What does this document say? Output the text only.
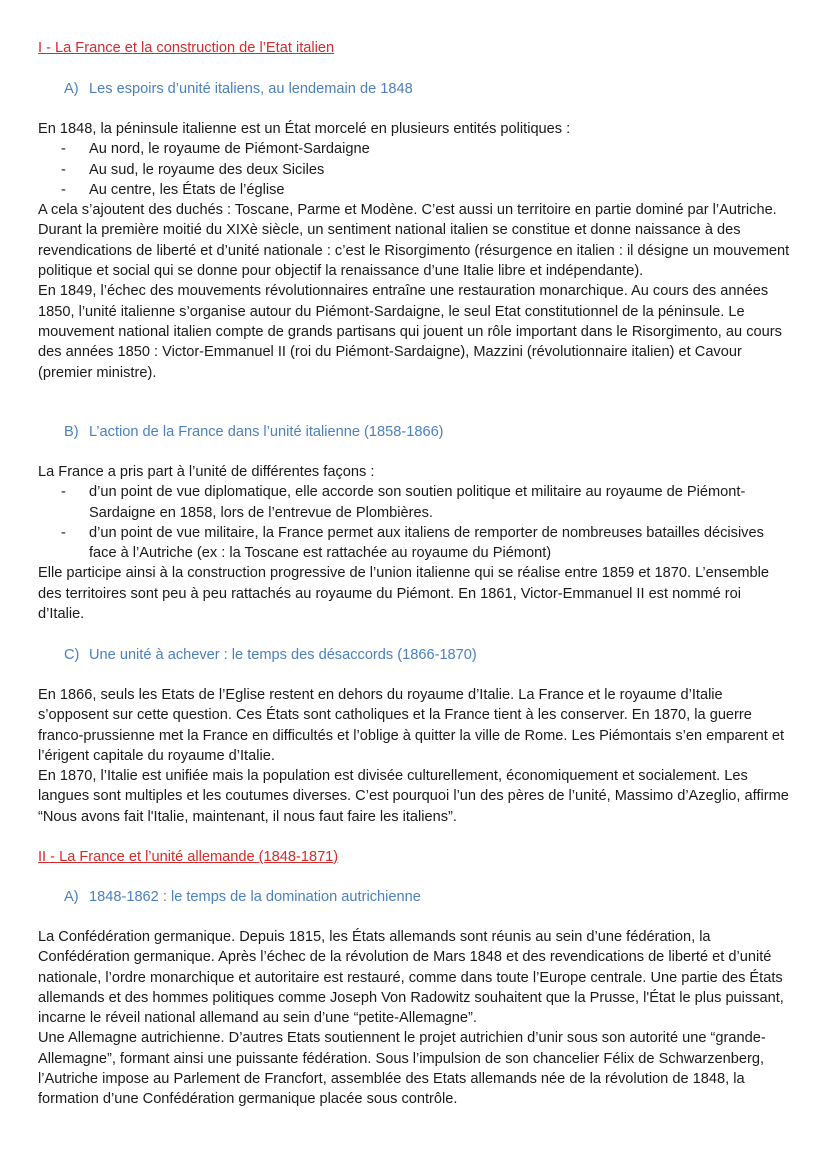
I - La France et la construction de l’Etat italien
A) Les espoirs d’unité italiens, au lendemain de 1848

En 1848, la péninsule italienne est un État morcelé en plusieurs entités politiques :

- Au nord, le royaume de Piémont-Sardaigne
- Au sud, le royaume des deux Siciles
- Au centre, les États de l’église

A cela s’ajoutent des duchés : Toscane, Parme et Modène. C’est aussi un territoire en partie dominé par l’Autriche.

Durant la première moitié du XIXè siècle, un sentiment national italien se constitue et donne naissance à des revendications de liberté et d’unité nationale : c’est le Risorgimento (résurgence en italien : il désigne un mouvement politique et social qui se donne pour objectif la renaissance d’une Italie libre et indépendante).

En 1849, l’échec des mouvements révolutionnaires entraîne une restauration monarchique. Au cours des années 1850, l’unité italienne s’organise autour du Piémont-Sardaigne, le seul Etat constitutionnel de la péninsule. Le mouvement national italien compte de grands partisans qui jouent un rôle important dans le Risorgimento, au cours des années 1850 : Victor-Emmanuel II (roi du Piémont-Sardaigne), Mazzini (révolutionnaire italien) et Cavour (premier ministre).

B) L’action de la France dans l’unité italienne (1858-1866)

La France a pris part à l’unité de différentes façons :

- d’un point de vue diplomatique, elle accorde son soutien politique et militaire au royaume de Piémont-Sardaigne en 1858, lors de l’entrevue de Plombières.
- d’un point de vue militaire, la France permet aux italiens de remporter de nombreuses batailles décisives face à l’Autriche (ex : la Toscane est rattachée au royaume du Piémont)

Elle participe ainsi à la construction progressive de l’union italienne qui se réalise entre 1859 et 1870. L’ensemble des territoires sont peu à peu rattachés au royaume du Piémont. En 1861, Victor-Emmanuel II est nommé roi d’Italie.

C) Une unité à achever : le temps des désaccords (1866-1870)

En 1866, seuls les Etats de l’Eglise restent en dehors du royaume d’Italie. La France et le royaume d’Italie s’opposent sur cette question. Ces États sont catholiques et la France tient à les conserver. En 1870, la guerre franco-prussienne met la France en difficultés et l’oblige à quitter la ville de Rome. Les Piémontais s’en emparent et l’érigent capitale du royaume d’Italie.

En 1870, l’Italie est unifiée mais la population est divisée culturellement, économiquement et socialement. Les langues sont multiples et les coutumes diverses. C’est pourquoi l’un des pères de l’unité, Massimo d’Azeglio, affirme “Nous avons fait l'Italie, maintenant, il nous faut faire les italiens”.

II - La France et l’unité allemande (1848-1871)
A) 1848-1862 : le temps de la domination autrichienne

La Confédération germanique. Depuis 1815, les États allemands sont réunis au sein d’une fédération, la Confédération germanique. Après l’échec de la révolution de Mars 1848 et des revendications de liberté et d’unité nationale, l’ordre monarchique et autoritaire est restauré, comme dans toute l’Europe centrale. Une partie des États allemands et des hommes politiques comme Joseph Von Radowitz souhaitent que la Prusse, l'État le plus puissant, incarne le réveil national allemand au sein d’une “petite-Allemagne”.

Une Allemagne autrichienne. D’autres Etats soutiennent le projet autrichien d’unir sous son autorité une “grande-Allemagne”, formant ainsi une puissante fédération. Sous l’impulsion de son chancelier Félix de Schwarzenberg, l’Autriche impose au Parlement de Francfort, assemblée des Etats allemands née de la révolution de 1848, la formation d’une Confédération germanique placée sous contrôle.
